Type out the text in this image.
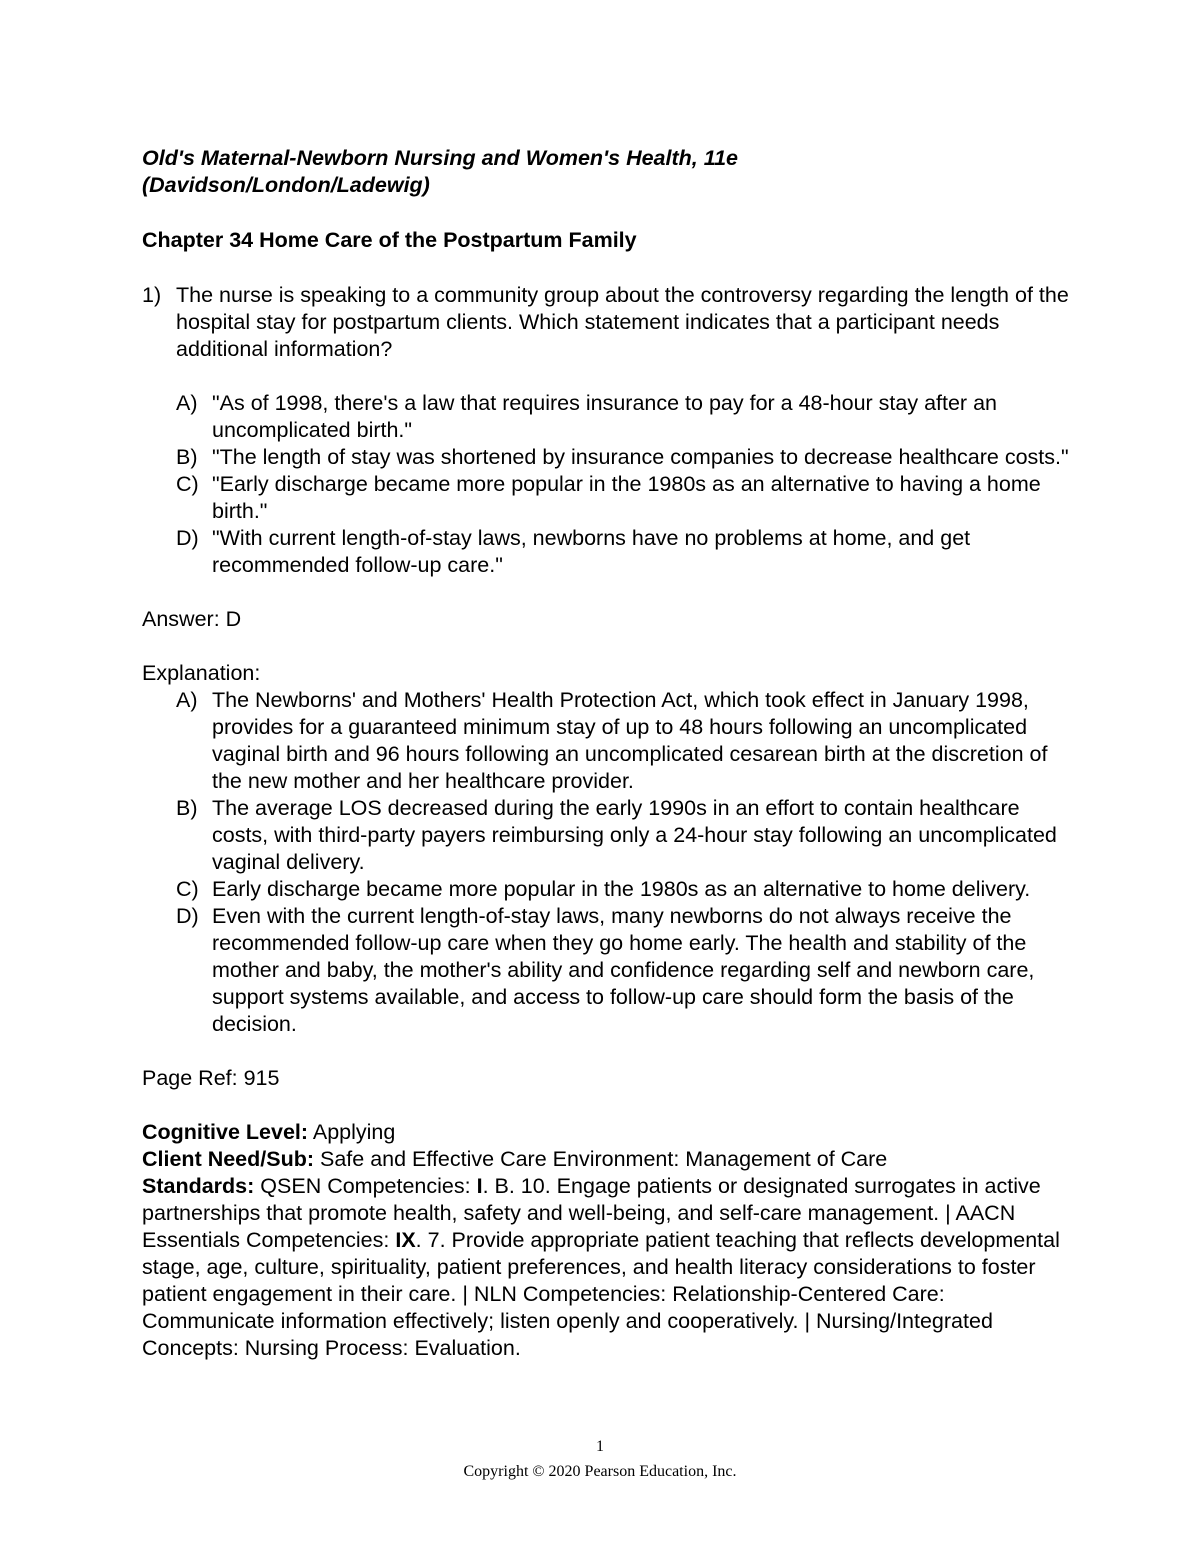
Old's Maternal-Newborn Nursing and Women's Health, 11e
(Davidson/London/Ladewig)
Chapter 34 Home Care of the Postpartum Family
1) The nurse is speaking to a community group about the controversy regarding the length of the hospital stay for postpartum clients. Which statement indicates that a participant needs additional information?
A) "As of 1998, there's a law that requires insurance to pay for a 48-hour stay after an uncomplicated birth."
B) "The length of stay was shortened by insurance companies to decrease healthcare costs."
C) "Early discharge became more popular in the 1980s as an alternative to having a home birth."
D) "With current length-of-stay laws, newborns have no problems at home, and get recommended follow-up care."
Answer: D
Explanation:
A) The Newborns' and Mothers' Health Protection Act, which took effect in January 1998, provides for a guaranteed minimum stay of up to 48 hours following an uncomplicated vaginal birth and 96 hours following an uncomplicated cesarean birth at the discretion of the new mother and her healthcare provider.
B) The average LOS decreased during the early 1990s in an effort to contain healthcare costs, with third-party payers reimbursing only a 24-hour stay following an uncomplicated vaginal delivery.
C) Early discharge became more popular in the 1980s as an alternative to home delivery.
D) Even with the current length-of-stay laws, many newborns do not always receive the recommended follow-up care when they go home early. The health and stability of the mother and baby, the mother's ability and confidence regarding self and newborn care, support systems available, and access to follow-up care should form the basis of the decision.
Page Ref: 915
Cognitive Level: Applying
Client Need/Sub: Safe and Effective Care Environment: Management of Care
Standards: QSEN Competencies: I. B. 10. Engage patients or designated surrogates in active partnerships that promote health, safety and well-being, and self-care management. | AACN Essentials Competencies: IX. 7. Provide appropriate patient teaching that reflects developmental stage, age, culture, spirituality, patient preferences, and health literacy considerations to foster patient engagement in their care. | NLN Competencies: Relationship-Centered Care: Communicate information effectively; listen openly and cooperatively. | Nursing/Integrated Concepts: Nursing Process: Evaluation.
1
Copyright © 2020 Pearson Education, Inc.
